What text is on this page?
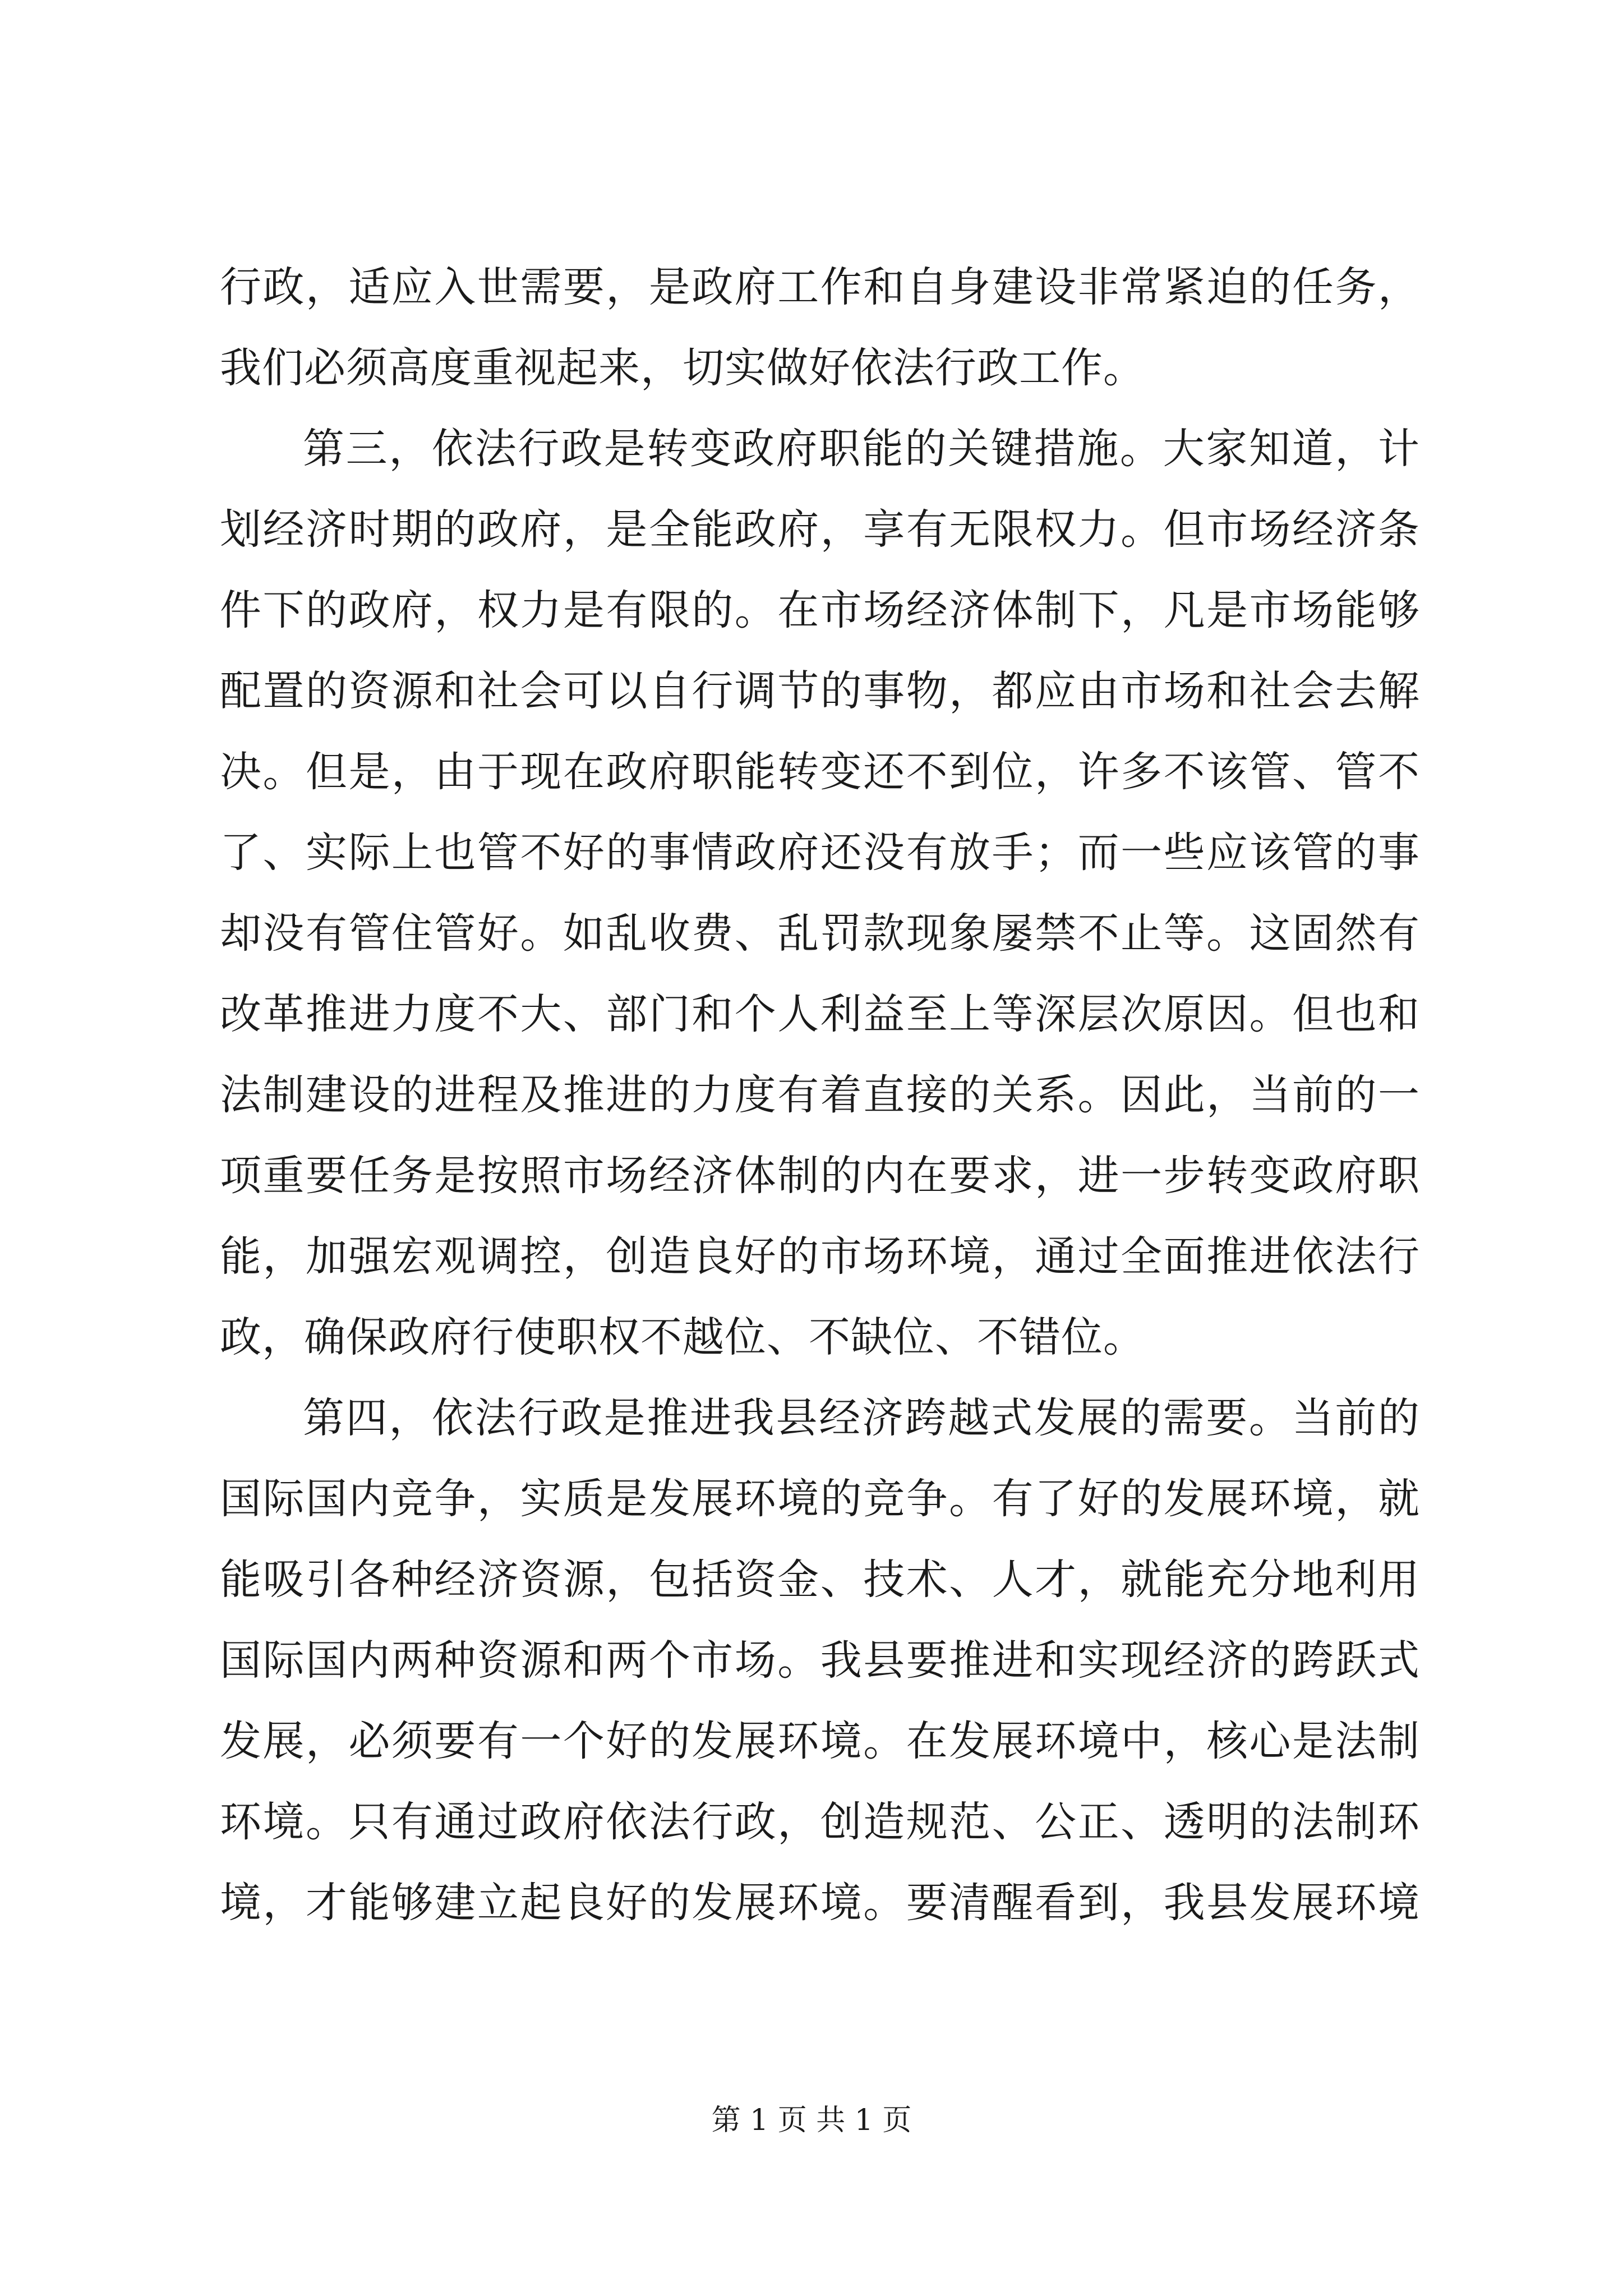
行政，适应入世需要，是政府工作和自身建设非常紧迫的任务，
我们必须高度重视起来，切实做好依法行政工作。
第三，依法行政是转变政府职能的关键措施。大家知道，计
划经济时期的政府，是全能政府，享有无限权力。但市场经济条
件下的政府，权力是有限的。在市场经济体制下，凡是市场能够
配置的资源和社会可以自行调节的事物，都应由市场和社会去解
决。但是，由于现在政府职能转变还不到位，许多不该管、管不
了、实际上也管不好的事情政府还没有放手；而一些应该管的事
却没有管住管好。如乱收费、乱罚款现象屡禁不止等。这固然有
改革推进力度不大、部门和个人利益至上等深层次原因。但也和
法制建设的进程及推进的力度有着直接的关系。因此，当前的一
项重要任务是按照市场经济体制的内在要求，进一步转变政府职
能，加强宏观调控，创造良好的市场环境，通过全面推进依法行
政，确保政府行使职权不越位、不缺位、不错位。
第四，依法行政是推进我县经济跨越式发展的需要。当前的
国际国内竞争，实质是发展环境的竞争。有了好的发展环境，就
能吸引各种经济资源，包括资金、技术、人才，就能充分地利用
国际国内两种资源和两个市场。我县要推进和实现经济的跨跃式
发展，必须要有一个好的发展环境。在发展环境中，核心是法制
环境。只有通过政府依法行政，创造规范、公正、透明的法制环
境，才能够建立起良好的发展环境。要清醒看到，我县发展环境
第 1 页 共 1 页
